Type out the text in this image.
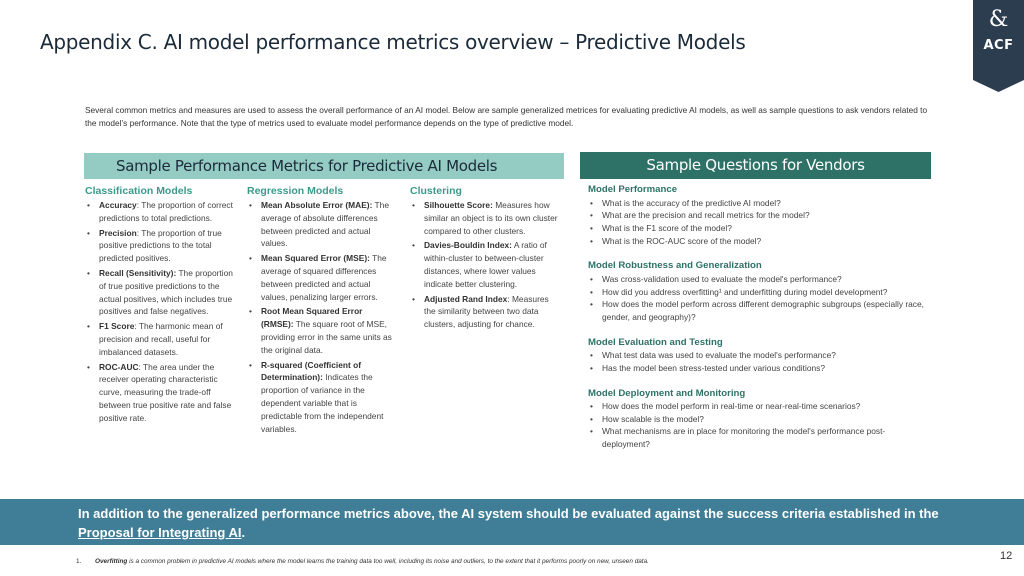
Appendix C. AI model performance metrics overview – Predictive Models
&
ACF
Several common metrics and measures are used to assess the overall performance of an AI model. Below are sample generalized metrices for evaluating predictive AI models, as well as sample questions to ask vendors related to the model’s performance. Note that the type of metrics used to evaluate model performance depends on the type of predictive model.
Sample Performance Metrics for Predictive AI Models	Sample Questions for Vendors
Classification Models
• Accuracy: The proportion of correct predictions to total predictions.
• Precision: The proportion of true positive predictions to the total predicted positives.
• Recall (Sensitivity): The proportion of true positive predictions to the actual positives, which includes true positives and false negatives.
• F1 Score: The harmonic mean of precision and recall, useful for imbalanced datasets.
• ROC-AUC: The area under the receiver operating characteristic curve, measuring the trade-off between true positive rate and false positive rate.
Regression Models
• Mean Absolute Error (MAE): The average of absolute differences between predicted and actual values.
• Mean Squared Error (MSE): The average of squared differences between predicted and actual values, penalizing larger errors.
• Root Mean Squared Error (RMSE): The square root of MSE, providing error in the same units as the original data.
• R-squared (Coefficient of Determination): Indicates the proportion of variance in the dependent variable that is predictable from the independent variables.
Clustering
• Silhouette Score: Measures how similar an object is to its own cluster compared to other clusters.
• Davies-Bouldin Index: A ratio of within-cluster to between-cluster distances, where lower values indicate better clustering.
• Adjusted Rand Index: Measures the similarity between two data clusters, adjusting for chance.
Model Performance
• What is the accuracy of the predictive AI model?
• What are the precision and recall metrics for the model?
• What is the F1 score of the model?
• What is the ROC-AUC score of the model?
Model Robustness and Generalization
• Was cross-validation used to evaluate the model's performance?
• How did you address overfitting¹ and underfitting during model development?
• How does the model perform across different demographic subgroups (especially race, gender, and geography)?
Model Evaluation and Testing
• What test data was used to evaluate the model's performance?
• Has the model been stress-tested under various conditions?
Model Deployment and Monitoring
• How does the model perform in real-time or near-real-time scenarios?
• How scalable is the model?
• What mechanisms are in place for monitoring the model's performance post-deployment?
In addition to the generalized performance metrics above, the AI system should be evaluated against the success criteria established in the Proposal for Integrating AI.
1. Overfitting is a common problem in predictive AI models where the model learns the training data too well, including its noise and outliers, to the extent that it performs poorly on new, unseen data.	12
